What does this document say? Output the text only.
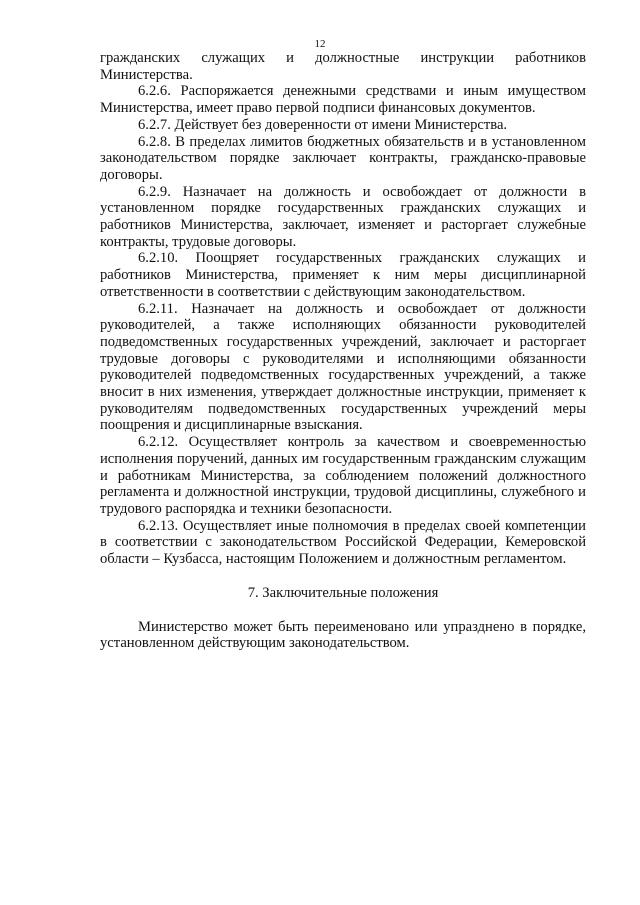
12

гражданских служащих и должностные инструкции работников Министерства.

6.2.6. Распоряжается денежными средствами и иным имуществом Министерства, имеет право первой подписи финансовых документов.

6.2.7. Действует без доверенности от имени Министерства.

6.2.8. В пределах лимитов бюджетных обязательств и в установленном законодательством порядке заключает контракты, гражданско-правовые договоры.

6.2.9. Назначает на должность и освобождает от должности в установленном порядке государственных гражданских служащих и работников Министерства, заключает, изменяет и расторгает служебные контракты, трудовые договоры.

6.2.10. Поощряет государственных гражданских служащих и работников Министерства, применяет к ним меры дисциплинарной ответственности в соответствии с действующим законодательством.

6.2.11. Назначает на должность и освобождает от должности руководителей, а также исполняющих обязанности руководителей подведомственных государственных учреждений, заключает и расторгает трудовые договоры с руководителями и исполняющими обязанности руководителей подведомственных государственных учреждений, а также вносит в них изменения, утверждает должностные инструкции, применяет к руководителям подведомственных государственных учреждений меры поощрения и дисциплинарные взыскания.

6.2.12. Осуществляет контроль за качеством и своевременностью исполнения поручений, данных им государственным гражданским служащим и работникам Министерства, за соблюдением положений должностного регламента и должностной инструкции, трудовой дисциплины, служебного и трудового распорядка и техники безопасности.

6.2.13. Осуществляет иные полномочия в пределах своей компетенции в соответствии с законодательством Российской Федерации, Кемеровской области – Кузбасса, настоящим Положением и должностным регламентом.

7. Заключительные положения

Министерство может быть переименовано или упразднено в порядке, установленном действующим законодательством.
